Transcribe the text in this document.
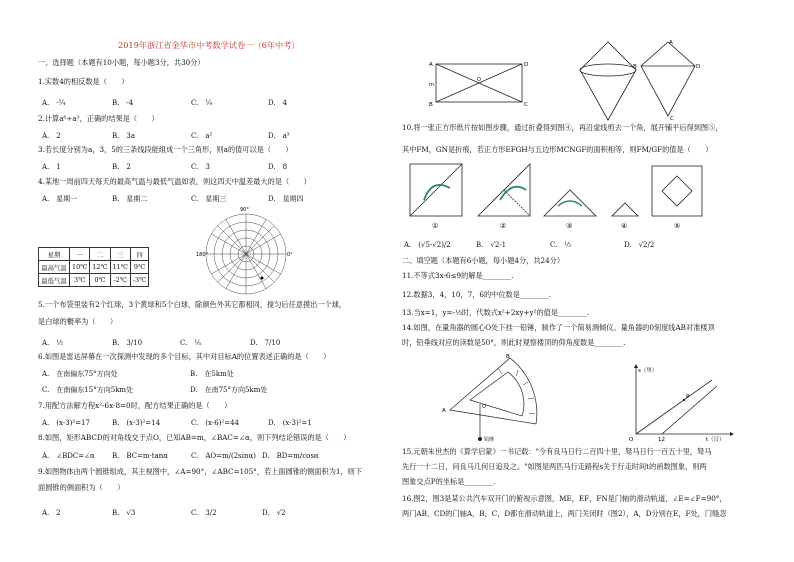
2019年浙江省金华市中考数学试卷一（6年中考）
一、选择题（本题有10小题，每小题3分，共30分）
1.实数4的相反数是（　　）
A.　-¼	B.　-4	C.　¼	D.　4
2.计算a⁶÷a³，正确的结果是（　　）
A.　2	B.　3a	C.　a²	D.　a³
3.若长度分别为a，3，5的三条线段能组成一个三角形，则a的值可以是（　　）
A.　1	B.　2	C.　3	D.　8
4.某地一周前四天每天的最高气温与最低气温如表，则这四天中温差最大的是（　　）
A.　星期一	B.　星期二	C.　星期三	D.　星期四
星期	一	二	三	四
最高气温	10℃	12℃	11℃	9℃
最低气温	3℃	0℃	-2℃	-3℃
90°
180°	0°
5.一个布袋里装有2个红球，3个黄球和5个白球，除颜色外其它都相同，搅匀后任意摸出一个球，
是白球的概率为（　　）
A.　½	B.　3/10	C.　⅕	D.　7/10
6.如图是雷达屏幕在一次探测中发现的多个目标，其中对目标A的位置表述正确的是（　　）
A.　在南偏东75°方向处	B.　在5km处
C.　在南偏东15°方向5km处	D.　在南75°方向5km处
7.用配方法解方程x²-6x-8=0时，配方结果正确的是（　　）
A.　(x-3)²=17	B.　(x-3)²=14	C.　(x-6)²=44	D.　(x-3)²=1
8.如图，矩形ABCD的对角线交于点O，已知AB=m，∠BAC=∠α，则下列结论错误的是（　　）
A.　∠BDC=∠α B.　BC=m·tanα	C.　AO=m/(2sinα) D.　BD=m/cosα
9.如图物体由两个圆锥组成，其主视图中，∠A=90°，∠ABC=105°，若上面圆锥的侧面积为1，则下
面圆锥的侧面积为（　　）
A.　2	B.　√3	C.　3/2	D.　√2
A	D
B	C
O
m
A
B	D
C
10.将一张正方形纸片按如图步骤，通过折叠得到图④，再沿虚线剪去一个角，展开铺平后得到图⑤，
其中FM，GN是折痕，若正方形EFGH与五边形MCNGF的面积相等，则FM/GF的值是（　　）
①	②	③	④	⑤
A.　(√5-√2)/2	B.　√2-1	C.　½	D.　√2/2
二、填空题（本题有6小题，每小题4分，共24分）
11.不等式3x-6≤9的解是________.
12.数据3，4，10，7，6的中位数是________.
13.当x=1，y=-⅓时，代数式x²+2xy+y²的值是________.
14.如图，在量角器的圆心O处下挂一铅锤，制作了一个简易测倾仪。量角器的0刻度线AB对准楼顶
时，铅垂线对应的读数是50°，则此时观察楼顶的仰角度数是________.
B
A
O
铅锤
s（里）
t（日）
12
O
P
15.元朝朱世杰的《算学启蒙》一书记载："今有良马日行二百四十里，驽马日行一百五十里，驽马
先行一十二日，问良马几何日追及之。"如图是两匹马行走路程s关于行走时间t的函数图象，则两
图象交点P的坐标是________.
16.图2，图3是某公共汽车双开门的俯视示意图，ME，EF，FN是门轴的滑动轨道，∠E=∠F=90°，
两门AB，CD的门轴A，B，C，D都在滑动轨道上，两门关闭时（图2），A，D分别在E，F处，门缝忽
